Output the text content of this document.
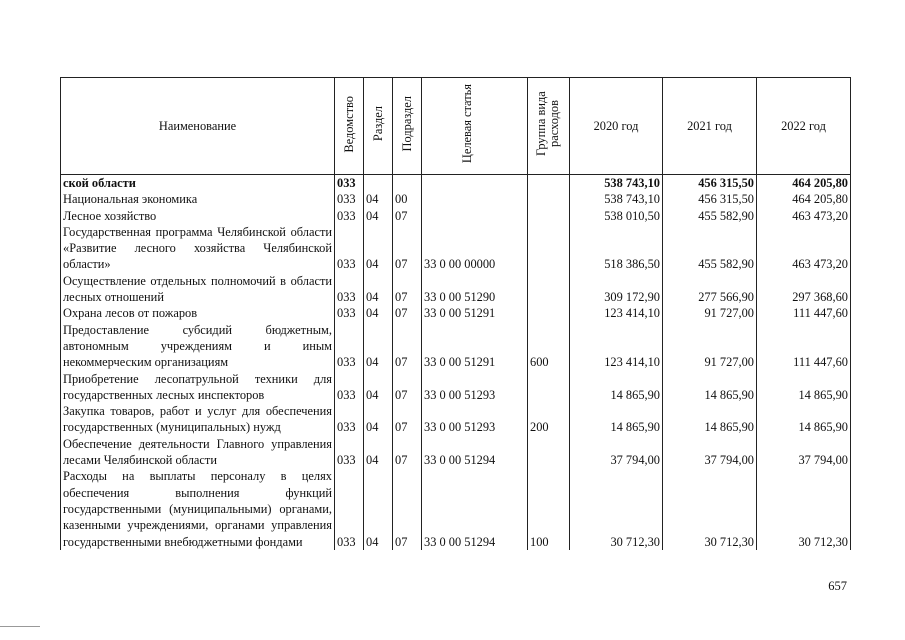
Наименование	Ведомство	Раздел	Подраздел	Целевая статья	Группа вида расходов	2020 год	2021 год	2022 год
ской области	033					538 743,10	456 315,50	464 205,80
Национальная экономика	033	04	00			538 743,10	456 315,50	464 205,80
Лесное хозяйство	033	04	07			538 010,50	455 582,90	463 473,20
Государственная программа Челябинской области «Развитие лесного хозяйства Челябинской области»	033	04	07	33 0 00 00000		518 386,50	455 582,90	463 473,20
Осуществление отдельных полномочий в области лесных отношений	033	04	07	33 0 00 51290		309 172,90	277 566,90	297 368,60
Охрана лесов от пожаров	033	04	07	33 0 00 51291		123 414,10	91 727,00	111 447,60
Предоставление субсидий бюджетным, автономным учреждениям и иным некоммерческим организациям	033	04	07	33 0 00 51291	600	123 414,10	91 727,00	111 447,60
Приобретение лесопатрульной техники для государственных лесных инспекторов	033	04	07	33 0 00 51293		14 865,90	14 865,90	14 865,90
Закупка товаров, работ и услуг для обеспечения государственных (муниципальных) нужд	033	04	07	33 0 00 51293	200	14 865,90	14 865,90	14 865,90
Обеспечение деятельности Главного управления лесами Челябинской области	033	04	07	33 0 00 51294		37 794,00	37 794,00	37 794,00
Расходы на выплаты персоналу в целях обеспечения выполнения функций государственными (муниципальными) органами, казенными учреждениями, органами управления государственными внебюджетными фондами	033	04	07	33 0 00 51294	100	30 712,30	30 712,30	30 712,30
657
